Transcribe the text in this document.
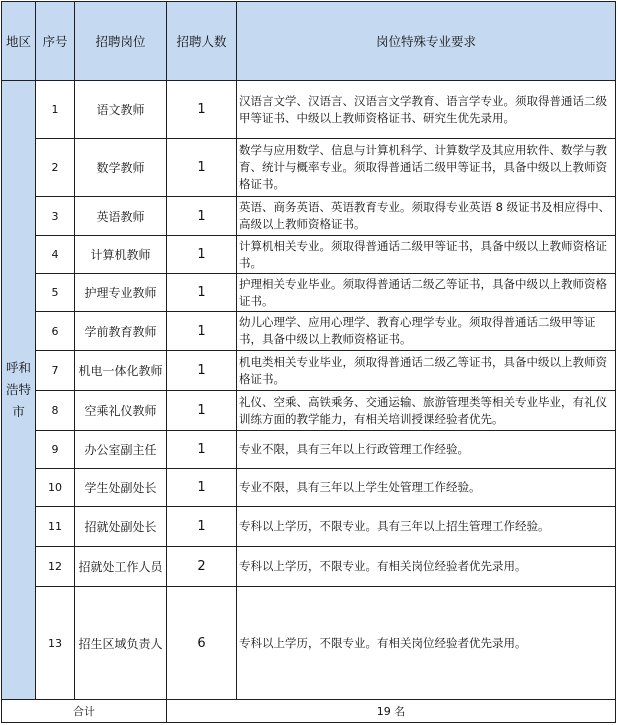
地区	序号	招聘岗位	招聘人数	岗位特殊专业要求
呼和浩特市	1	语文教师	1	汉语言文学、汉语言、汉语言文学教育、语言学专业。须取得普通话二级甲等证书、中级以上教师资格证书、研究生优先录用。
	2	数学教师	1	数学与应用数学、信息与计算机科学、计算数学及其应用软件、数学与教育、统计与概率专业。须取得普通话二级甲等证书，具备中级以上教师资格证书。
	3	英语教师	1	英语、商务英语、英语教育专业。须取得专业英语 8 级证书及相应得中、高级以上教师资格证书。
	4	计算机教师	1	计算机相关专业。须取得普通话二级甲等证书，具备中级以上教师资格证书。
	5	护理专业教师	1	护理相关专业毕业。须取得普通话二级乙等证书，具备中级以上教师资格证书。
	6	学前教育教师	1	幼儿心理学、应用心理学、教育心理学专业。须取得普通话二级甲等证书，具备中级以上教师资格证书。
	7	机电一体化教师	1	机电类相关专业毕业，须取得普通话二级乙等证书，具备中级以上教师资格证书。
	8	空乘礼仪教师	1	礼仪、空乘、高铁乘务、交通运输、旅游管理类等相关专业毕业，有礼仪训练方面的教学能力，有相关培训授课经验者优先。
	9	办公室副主任	1	专业不限，具有三年以上行政管理工作经验。
	10	学生处副处长	1	专业不限，具有三年以上学生处管理工作经验。
	11	招就处副处长	1	专科以上学历，不限专业。具有三年以上招生管理工作经验。
	12	招就处工作人员	2	专科以上学历，不限专业。有相关岗位经验者优先录用。
	13	招生区域负责人	6	专科以上学历，不限专业。有相关岗位经验者优先录用。
合计			19 名	
